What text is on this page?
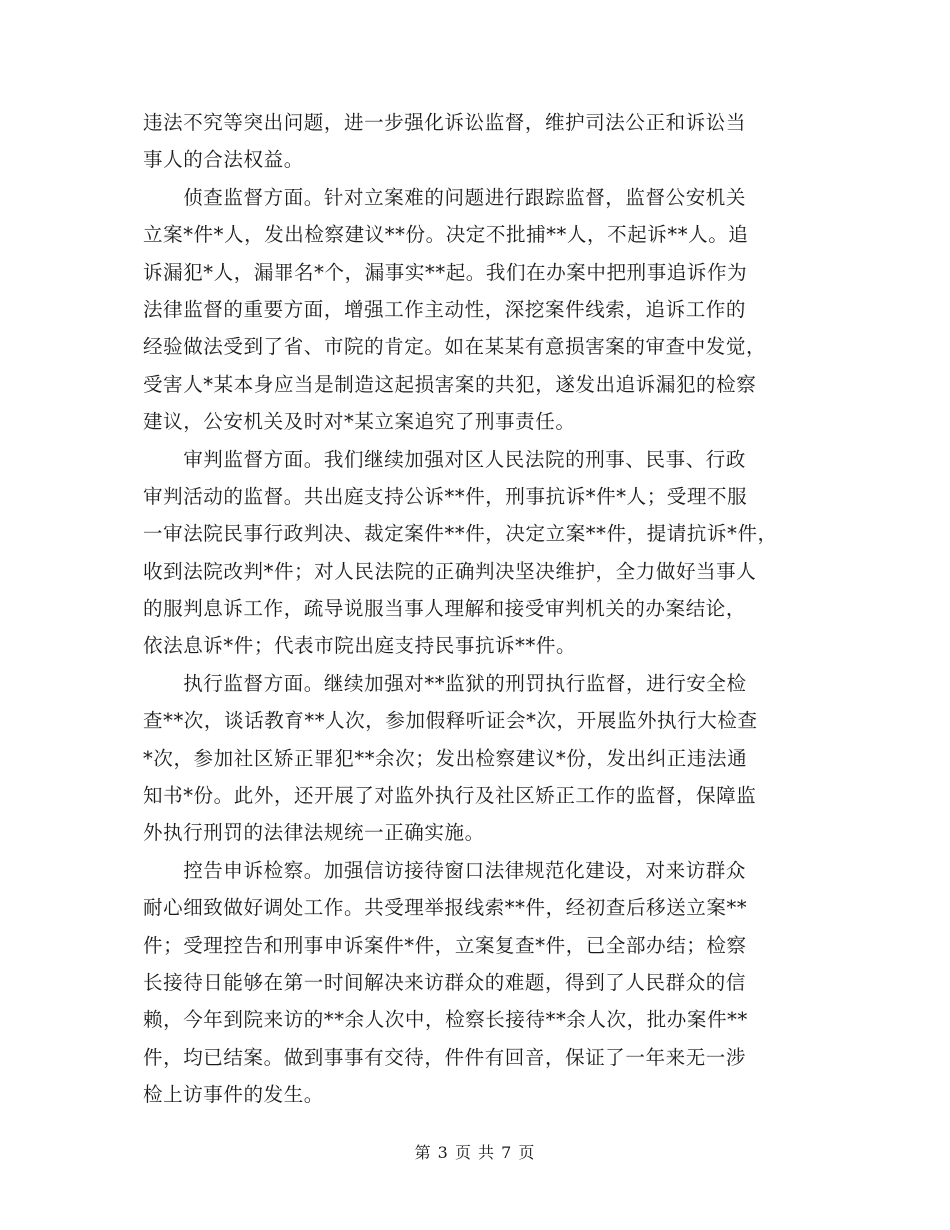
违法不究等突出问题，进一步强化诉讼监督，维护司法公正和诉讼当
事人的合法权益。
　　侦查监督方面。针对立案难的问题进行跟踪监督，监督公安机关
立案*件*人，发出检察建议**份。决定不批捕**人，不起诉**人。追
诉漏犯*人，漏罪名*个，漏事实**起。我们在办案中把刑事追诉作为
法律监督的重要方面，增强工作主动性，深挖案件线索，追诉工作的
经验做法受到了省、市院的肯定。如在某某有意损害案的审查中发觉，
受害人*某本身应当是制造这起损害案的共犯，遂发出追诉漏犯的检察
建议，公安机关及时对*某立案追究了刑事责任。
　　审判监督方面。我们继续加强对区人民法院的刑事、民事、行政
审判活动的监督。共出庭支持公诉**件，刑事抗诉*件*人；受理不服
一审法院民事行政判决、裁定案件**件，决定立案**件，提请抗诉*件，
收到法院改判*件；对人民法院的正确判决坚决维护，全力做好当事人
的服判息诉工作，疏导说服当事人理解和接受审判机关的办案结论，
依法息诉*件；代表市院出庭支持民事抗诉**件。
　　执行监督方面。继续加强对**监狱的刑罚执行监督，进行安全检
查**次，谈话教育**人次，参加假释听证会*次，开展监外执行大检查
*次，参加社区矫正罪犯**余次；发出检察建议*份，发出纠正违法通
知书*份。此外，还开展了对监外执行及社区矫正工作的监督，保障监
外执行刑罚的法律法规统一正确实施。
　　控告申诉检察。加强信访接待窗口法律规范化建设，对来访群众
耐心细致做好调处工作。共受理举报线索**件，经初查后移送立案**
件；受理控告和刑事申诉案件*件，立案复查*件，已全部办结；检察
长接待日能够在第一时间解决来访群众的难题，得到了人民群众的信
赖，今年到院来访的**余人次中，检察长接待**余人次，批办案件**
件，均已结案。做到事事有交待，件件有回音，保证了一年来无一涉
检上访事件的发生。
第 3 页 共 7 页
